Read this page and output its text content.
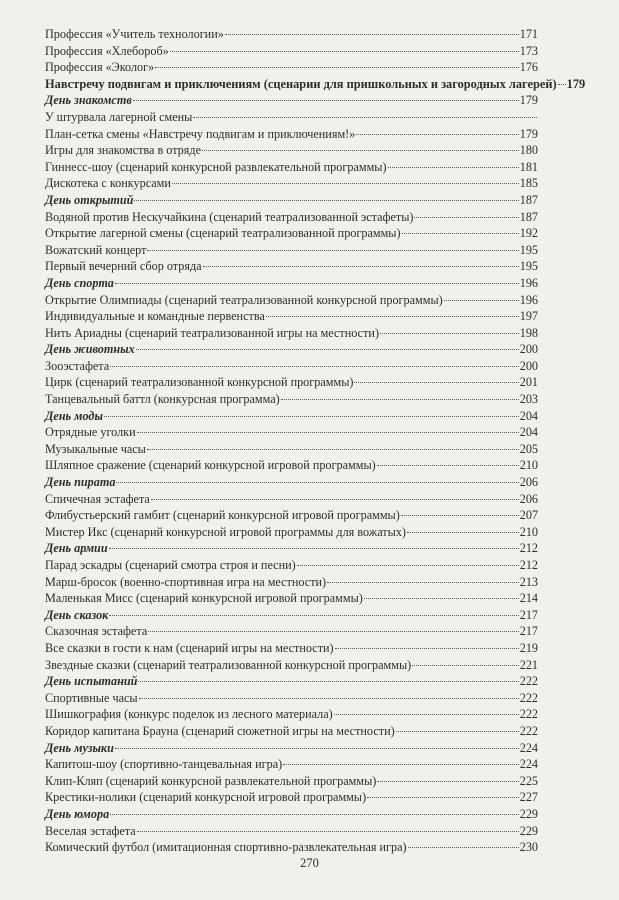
Профессия «Учитель технологии»	171
Профессия «Хлебороб»	173
Профессия «Эколог»	176
Навстречу подвигам и приключениям (сценарии для пришкольных и загородных лагерей) 179
День знакомств	179
У штурвала лагерной смены
План-сетка смены «Навстречу подвигам и приключениям!»	179
Игры для знакомства в отряде	180
Гиннесс-шоу (сценарий конкурсной развлекательной программы)	181
Дискотека с конкурсами	185
День открытий	187
Водяной против Нескучайкина (сценарий театрализованной эстафеты)	187
Открытие лагерной смены (сценарий театрализованной программы)	192
Вожатский концерт	195
Первый вечерний сбор отряда	195
День спорта	196
Открытие Олимпиады (сценарий театрализованной конкурсной программы)	196
Индивидуальные и командные первенства	197
Нить Ариадны (сценарий театрализованной игры на местности)	198
День животных	200
Зооэстафета	200
Цирк (сценарий театрализованной конкурсной программы)	201
Танцевальный баттл (конкурсная программа)	203
День моды	204
Отрядные уголки	204
Музыкальные часы	205
Шляпное сражение (сценарий конкурсной игровой программы)	210
День пирата	206
Спичечная эстафета	206
Флибустьерский гамбит (сценарий конкурсной игровой программы)	207
Мистер Икс (сценарий конкурсной игровой программы для вожатых)	210
День армии	212
Парад эскадры (сценарий смотра строя и песни)	212
Марш-бросок (военно-спортивная игра на местности)	213
Маленькая Мисс (сценарий конкурсной игровой программы)	214
День сказок	217
Сказочная эстафета	217
Все сказки в гости к нам (сценарий игры на местности)	219
Звездные сказки (сценарий театрализованной конкурсной программы)	221
День испытаний	222
Спортивные часы	222
Шишкография (конкурс поделок из лесного материала)	222
Коридор капитана Брауна (сценарий сюжетной игры на местности)	222
День музыки	224
Капитош-шоу (спортивно-танцевальная игра)	224
Клип-Кляп (сценарий конкурсной развлекательной программы)	225
Крестики-нолики (сценарий конкурсной игровой программы)	227
День юмора	229
Веселая эстафета	229
Комический футбол (имитационная спортивно-развлекательная игра)	230
270
